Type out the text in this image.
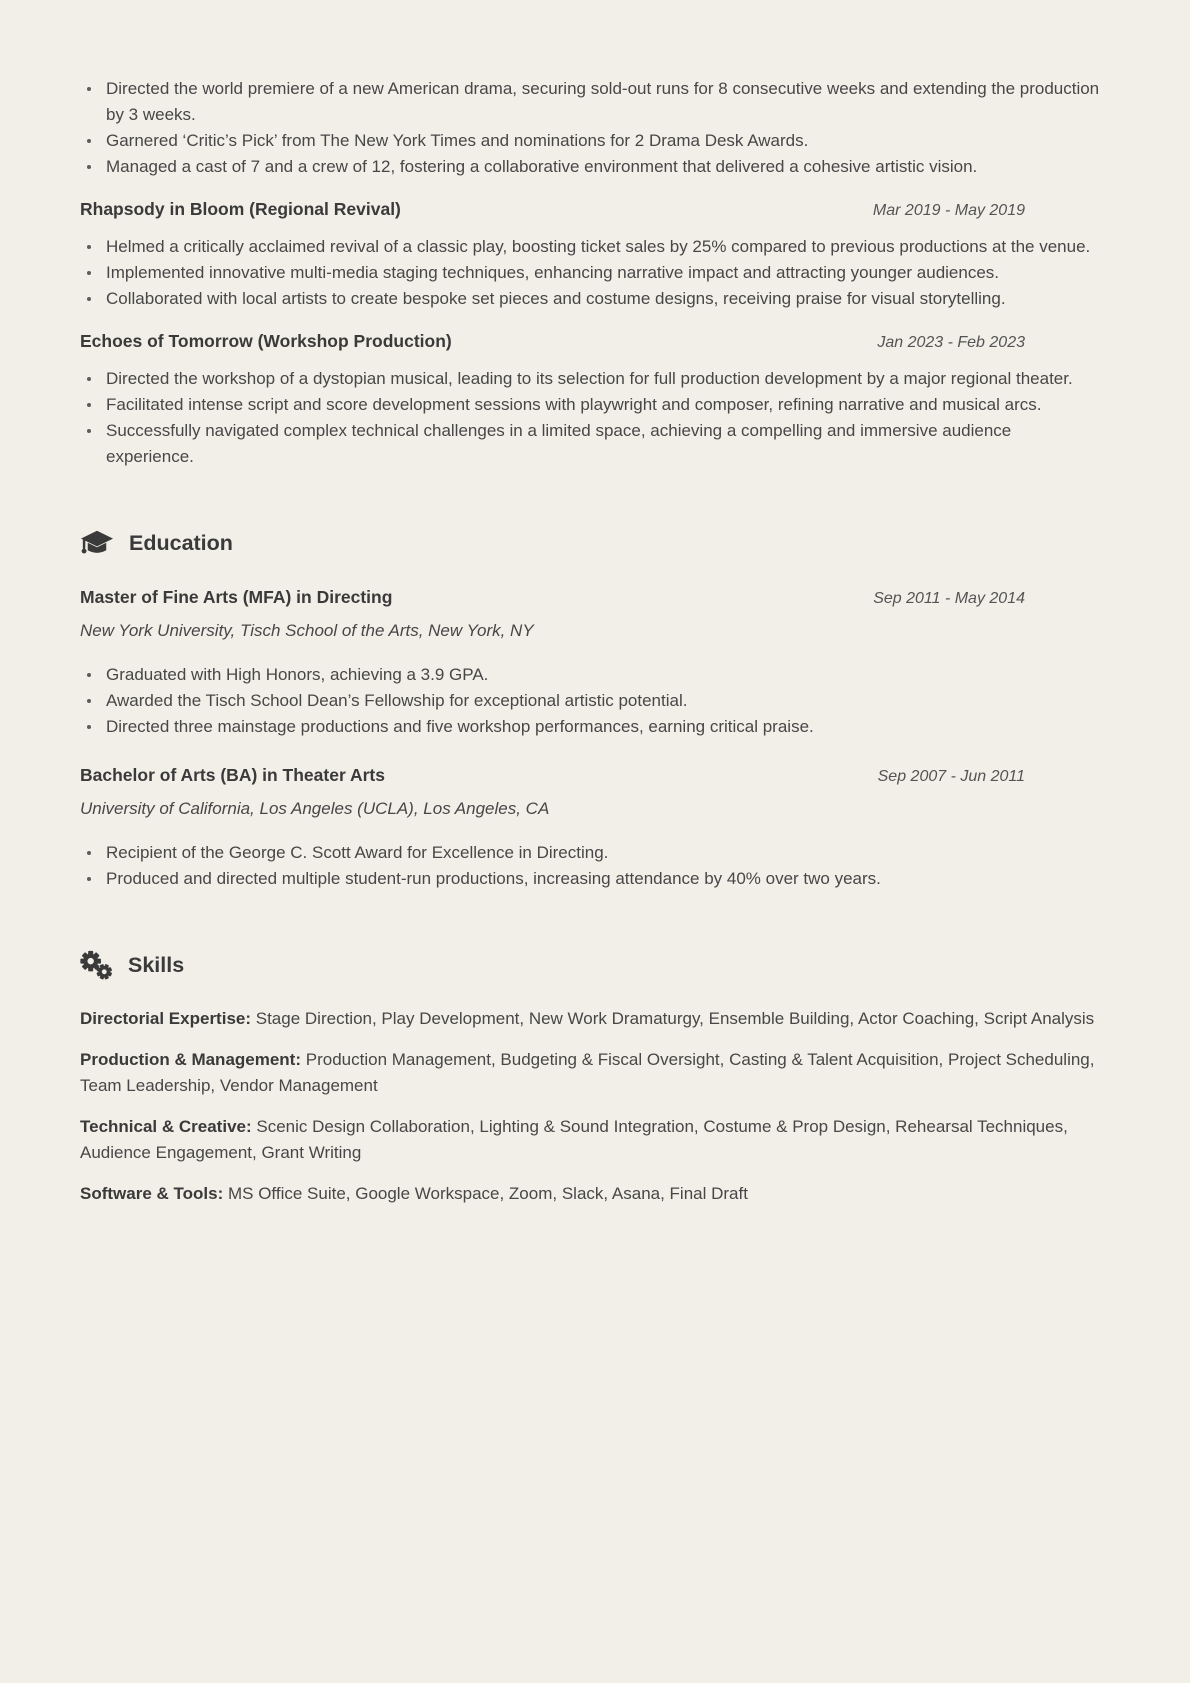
Directed the world premiere of a new American drama, securing sold-out runs for 8 consecutive weeks and extending the production by 3 weeks.
Garnered ‘Critic’s Pick’ from The New York Times and nominations for 2 Drama Desk Awards.
Managed a cast of 7 and a crew of 12, fostering a collaborative environment that delivered a cohesive artistic vision.
Rhapsody in Bloom (Regional Revival)	Mar 2019 - May 2019
Helmed a critically acclaimed revival of a classic play, boosting ticket sales by 25% compared to previous productions at the venue.
Implemented innovative multi-media staging techniques, enhancing narrative impact and attracting younger audiences.
Collaborated with local artists to create bespoke set pieces and costume designs, receiving praise for visual storytelling.
Echoes of Tomorrow (Workshop Production)	Jan 2023 - Feb 2023
Directed the workshop of a dystopian musical, leading to its selection for full production development by a major regional theater.
Facilitated intense script and score development sessions with playwright and composer, refining narrative and musical arcs.
Successfully navigated complex technical challenges in a limited space, achieving a compelling and immersive audience experience.
Education
Master of Fine Arts (MFA) in Directing	Sep 2011 - May 2014
New York University, Tisch School of the Arts, New York, NY
Graduated with High Honors, achieving a 3.9 GPA.
Awarded the Tisch School Dean’s Fellowship for exceptional artistic potential.
Directed three mainstage productions and five workshop performances, earning critical praise.
Bachelor of Arts (BA) in Theater Arts	Sep 2007 - Jun 2011
University of California, Los Angeles (UCLA), Los Angeles, CA
Recipient of the George C. Scott Award for Excellence in Directing.
Produced and directed multiple student-run productions, increasing attendance by 40% over two years.
Skills

Directorial Expertise: Stage Direction, Play Development, New Work Dramaturgy, Ensemble Building, Actor Coaching, Script Analysis

Production & Management: Production Management, Budgeting & Fiscal Oversight, Casting & Talent Acquisition, Project Scheduling, Team Leadership, Vendor Management

Technical & Creative: Scenic Design Collaboration, Lighting & Sound Integration, Costume & Prop Design, Rehearsal Techniques, Audience Engagement, Grant Writing

Software & Tools: MS Office Suite, Google Workspace, Zoom, Slack, Asana, Final Draft
